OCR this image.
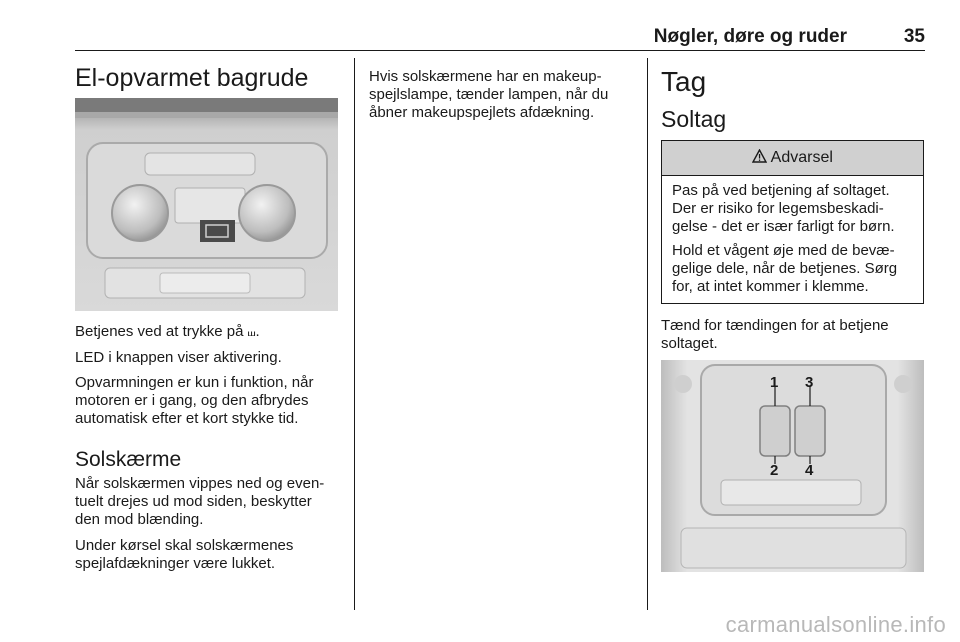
Nøgler, døre og ruder	35
El-opvarmet bagrude

Betjenes ved at trykke på ⧢.

LED i knappen viser aktivering.

Opvarmningen er kun i funktion, når

motoren er i gang, og den afbrydes

automatisk efter et kort stykke tid.

Solskærme

Når solskærmen vippes ned og even-

tuelt drejes ud mod siden, beskytter

den mod blænding.

Under kørsel skal solskærmenes

spejlafdækninger være lukket.

Hvis solskærmene har en makeup-

spejlslampe, tænder lampen, når du

åbner makeupspejlets afdækning.

Tag
Soltag
Advarsel

Pas på ved betjening af soltaget.
Der er risiko for legemsbeskadi-
gelse - det er især farligt for børn.

Hold et vågent øje med de bevæ-
gelige dele, når de betjenes. Sørg
for, at intet kommer i klemme.

Tænd for tændingen for at betjene

soltaget.

1 3
2 4
carmanualsonline.info
